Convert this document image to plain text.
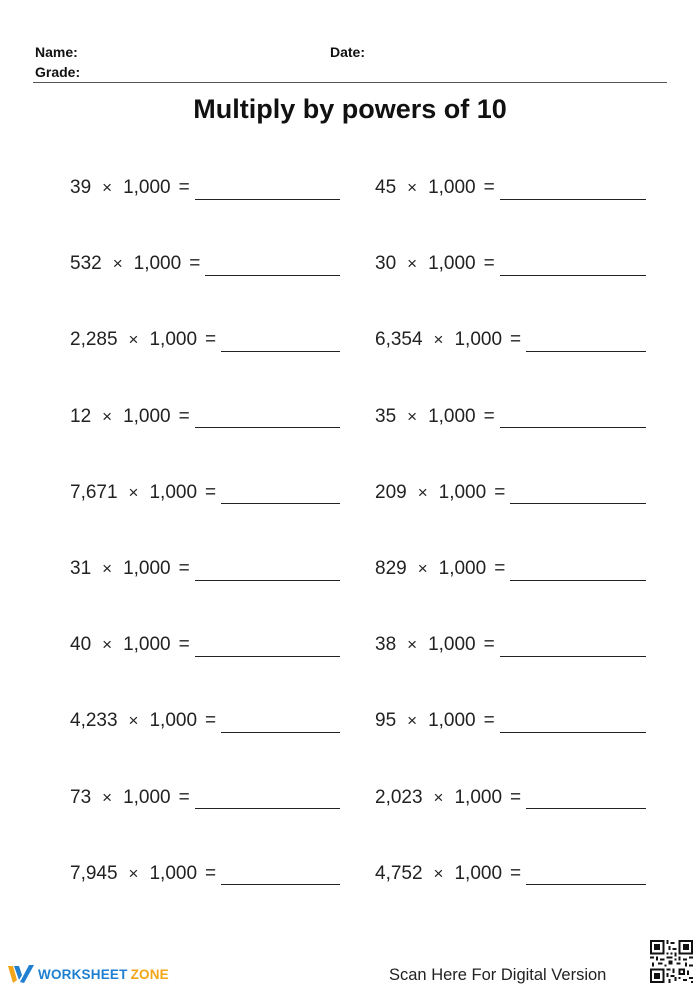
Name:	Date:
Grade:
Multiply by powers of 10
39 × 1,000 =
532 × 1,000 =
2,285 × 1,000 =
12 × 1,000 =
7,671 × 1,000 =
31 × 1,000 =
40 × 1,000 =
4,233 × 1,000 =
73 × 1,000 =
7,945 × 1,000 =
45 × 1,000 =
30 × 1,000 =
6,354 × 1,000 =
35 × 1,000 =
209 × 1,000 =
829 × 1,000 =
38 × 1,000 =
95 × 1,000 =
2,023 × 1,000 =
4,752 × 1,000 =
WORKSHEET ZONE	Scan Here For Digital Version
